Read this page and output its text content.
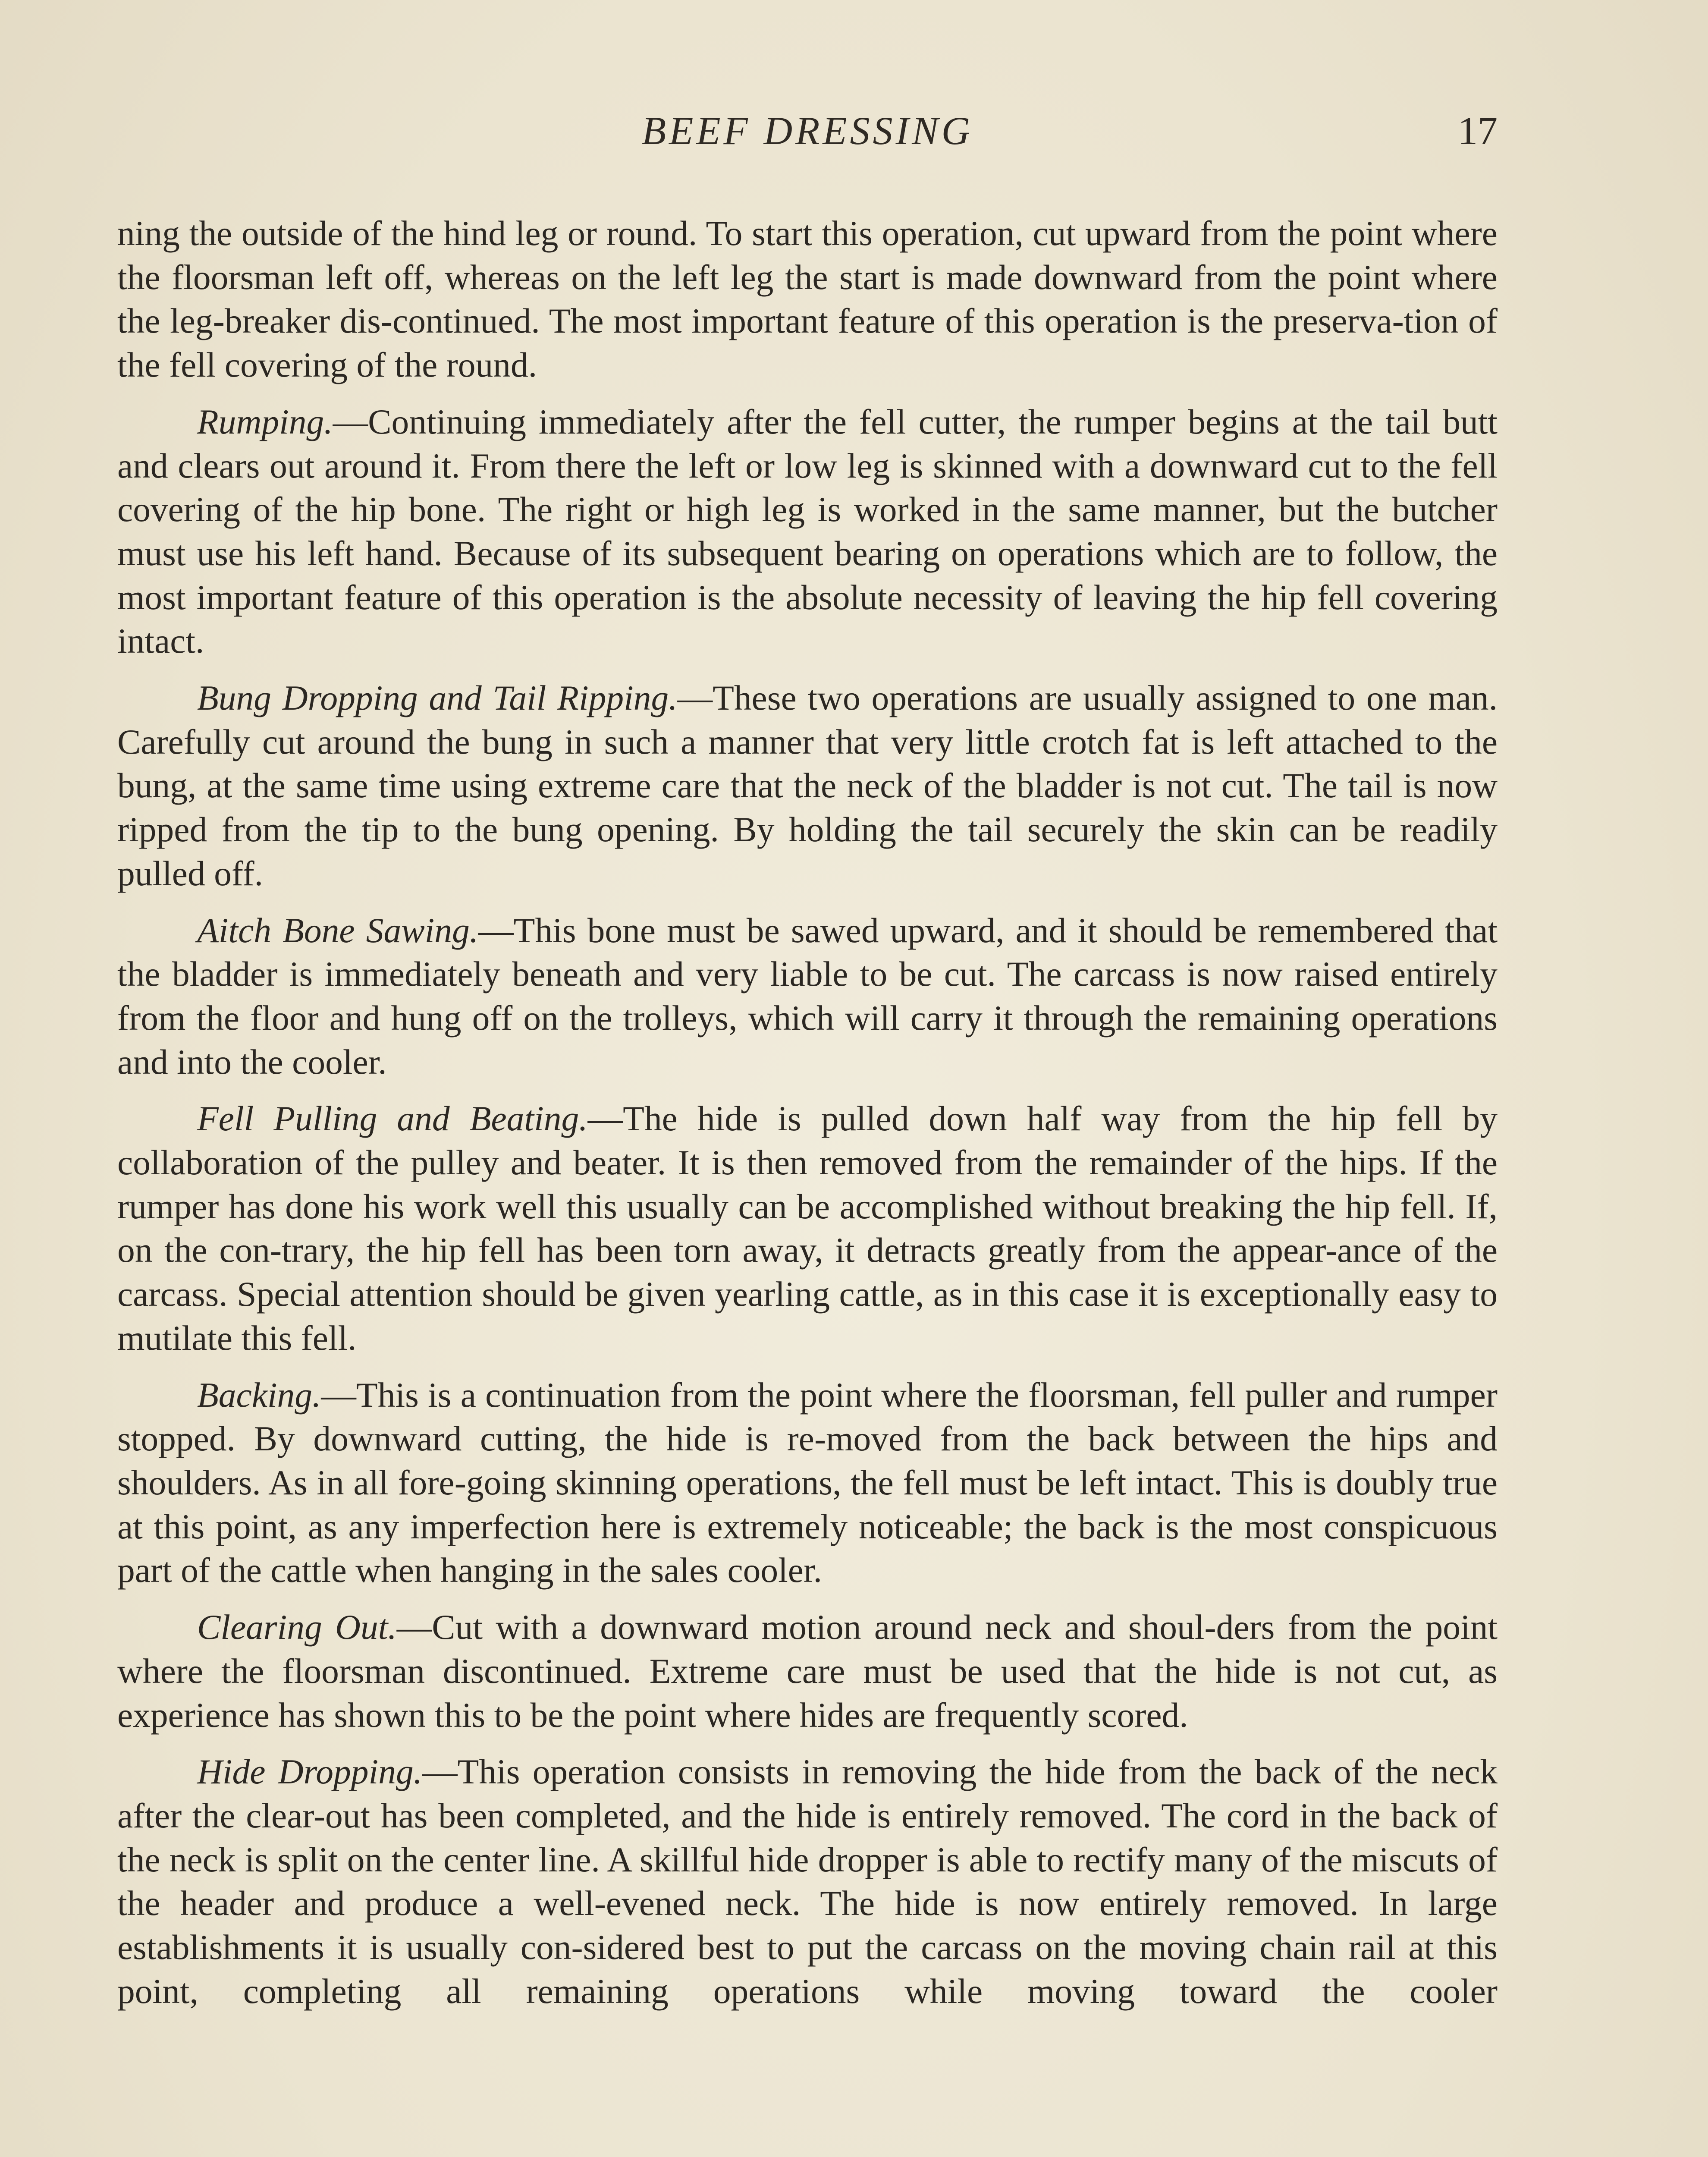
BEEF DRESSING	17

ning the outside of the hind leg or round. To start this operation, cut upward from the point where the floorsman left off, whereas on the left leg the start is made downward from the point where the leg-breaker dis-continued. The most important feature of this operation is the preserva-tion of the fell covering of the round.

Rumping.—Continuing immediately after the fell cutter, the rumper begins at the tail butt and clears out around it. From there the left or low leg is skinned with a downward cut to the fell covering of the hip bone. The right or high leg is worked in the same manner, but the butcher must use his left hand. Because of its subsequent bearing on operations which are to follow, the most important feature of this operation is the absolute necessity of leaving the hip fell covering intact.

Bung Dropping and Tail Ripping.—These two operations are usually assigned to one man. Carefully cut around the bung in such a manner that very little crotch fat is left attached to the bung, at the same time using extreme care that the neck of the bladder is not cut. The tail is now ripped from the tip to the bung opening. By holding the tail securely the skin can be readily pulled off.

Aitch Bone Sawing.—This bone must be sawed upward, and it should be remembered that the bladder is immediately beneath and very liable to be cut. The carcass is now raised entirely from the floor and hung off on the trolleys, which will carry it through the remaining operations and into the cooler.

Fell Pulling and Beating.—The hide is pulled down half way from the hip fell by collaboration of the pulley and beater. It is then removed from the remainder of the hips. If the rumper has done his work well this usually can be accomplished without breaking the hip fell. If, on the con-trary, the hip fell has been torn away, it detracts greatly from the appear-ance of the carcass. Special attention should be given yearling cattle, as in this case it is exceptionally easy to mutilate this fell.

Backing.—This is a continuation from the point where the floorsman, fell puller and rumper stopped. By downward cutting, the hide is re-moved from the back between the hips and shoulders. As in all fore-going skinning operations, the fell must be left intact. This is doubly true at this point, as any imperfection here is extremely noticeable; the back is the most conspicuous part of the cattle when hanging in the sales cooler.

Clearing Out.—Cut with a downward motion around neck and shoul-ders from the point where the floorsman discontinued. Extreme care must be used that the hide is not cut, as experience has shown this to be the point where hides are frequently scored.

Hide Dropping.—This operation consists in removing the hide from the back of the neck after the clear-out has been completed, and the hide is entirely removed. The cord in the back of the neck is split on the center line. A skillful hide dropper is able to rectify many of the miscuts of the header and produce a well-evened neck. The hide is now entirely removed. In large establishments it is usually con-sidered best to put the carcass on the moving chain rail at this point, completing all remaining operations while moving toward the cooler
